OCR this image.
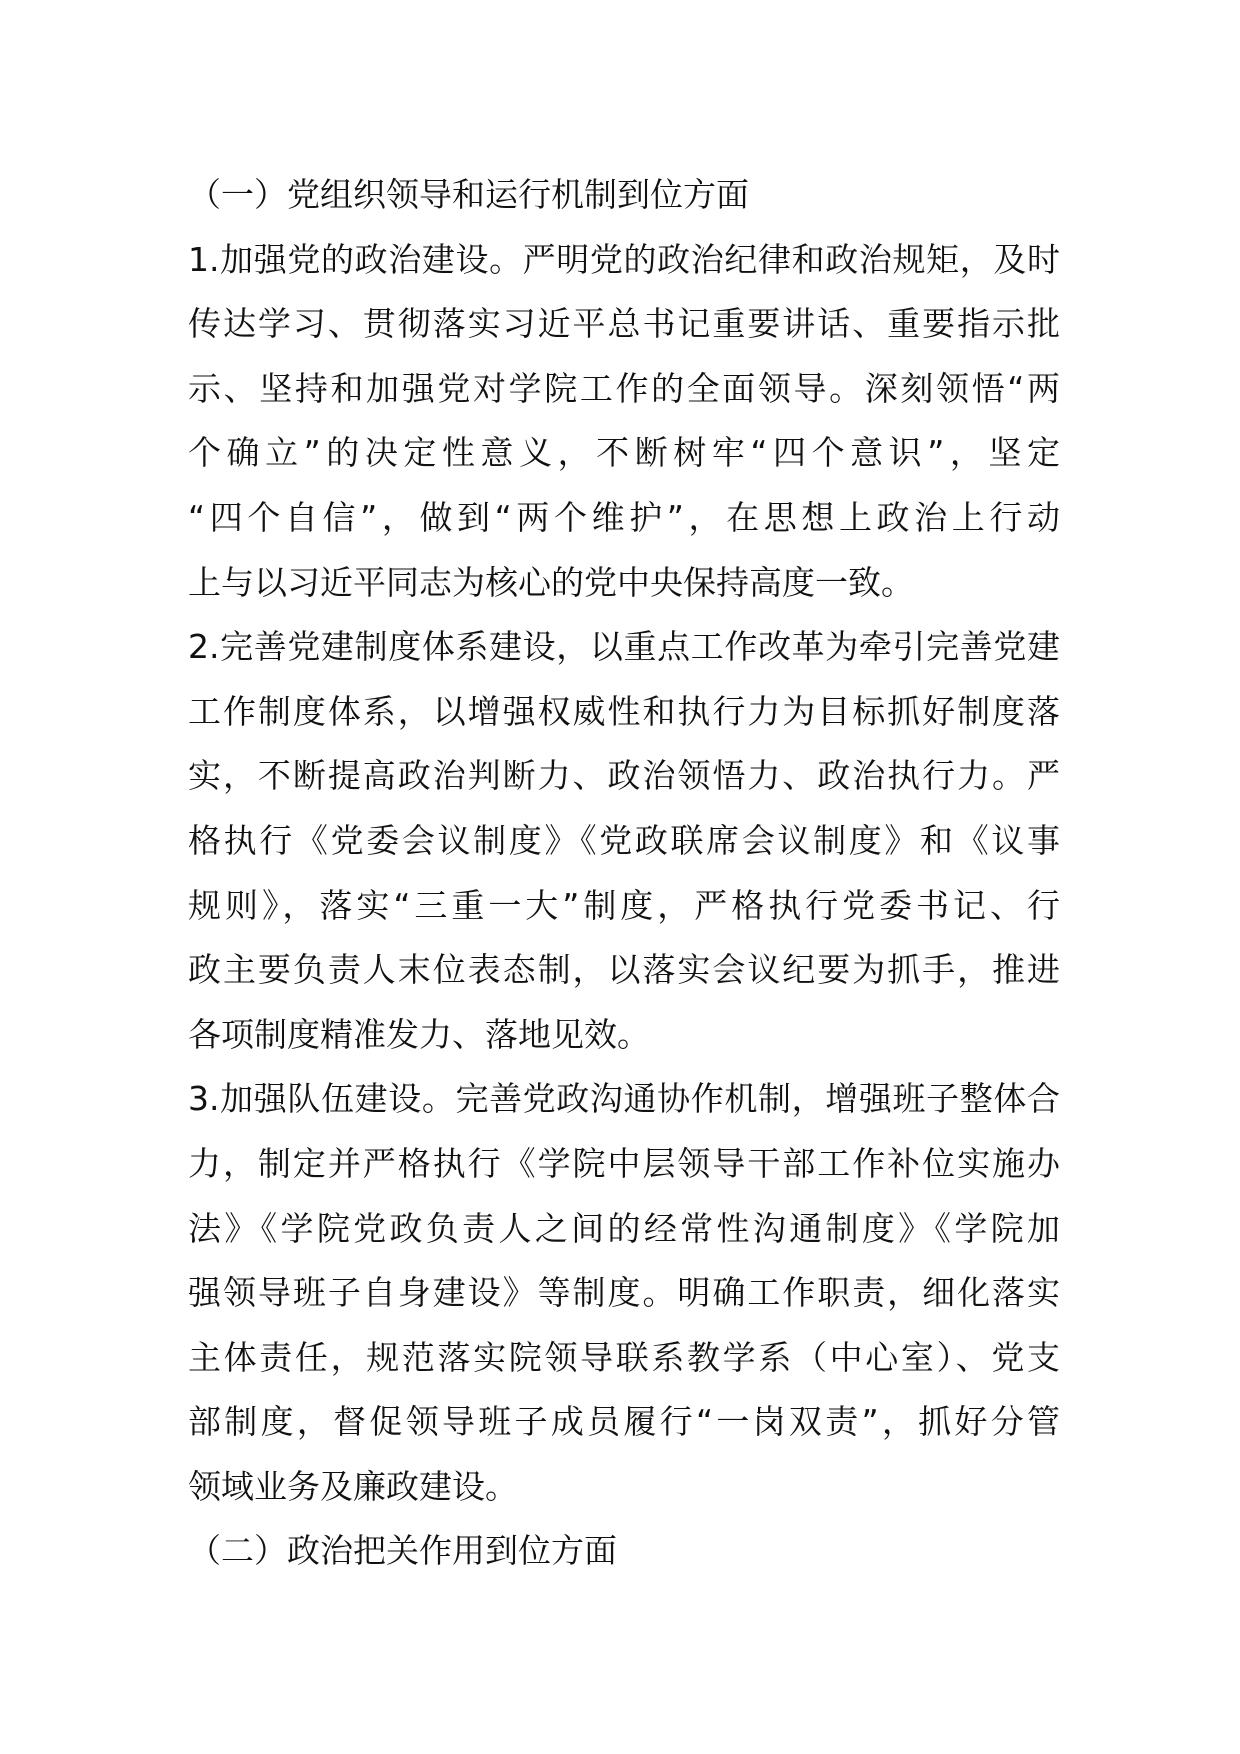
（一）党组织领导和运行机制到位方面
1.加强党的政治建设。严明党的政治纪律和政治规矩，及时
传达学习、贯彻落实习近平总书记重要讲话、重要指示批
示、坚持和加强党对学院工作的全面领导。深刻领悟“两
个确立”的决定性意义，不断树牢“四个意识”，坚定
“四个自信”，做到“两个维护”，在思想上政治上行动
上与以习近平同志为核心的党中央保持高度一致。
2.完善党建制度体系建设，以重点工作改革为牵引完善党建
工作制度体系，以增强权威性和执行力为目标抓好制度落
实，不断提高政治判断力、政治领悟力、政治执行力。严
格执行《党委会议制度》《党政联席会议制度》和《议事
规则》，落实“三重一大”制度，严格执行党委书记、行
政主要负责人末位表态制，以落实会议纪要为抓手，推进
各项制度精准发力、落地见效。
3.加强队伍建设。完善党政沟通协作机制，增强班子整体合
力，制定并严格执行《学院中层领导干部工作补位实施办
法》《学院党政负责人之间的经常性沟通制度》《学院加
强领导班子自身建设》等制度。明确工作职责，细化落实
主体责任，规范落实院领导联系教学系（中心室）、党支
部制度，督促领导班子成员履行“一岗双责”，抓好分管
领域业务及廉政建设。
（二）政治把关作用到位方面
